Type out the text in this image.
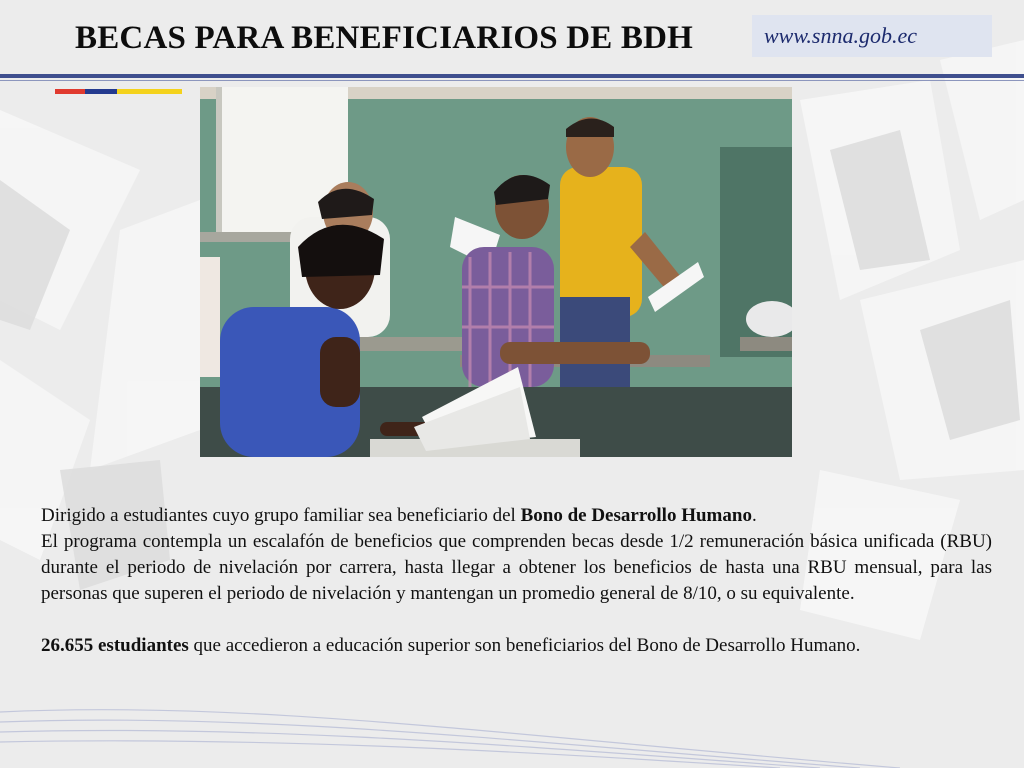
BECAS PARA BENEFICIARIOS DE BDH	www.snna.gob.ec

Dirigido a estudiantes cuyo grupo familiar sea beneficiario del Bono de Desarrollo Humano.

El programa contempla un escalafón de beneficios que comprenden becas desde 1/2 remuneración básica unificada (RBU) durante el periodo de nivelación por carrera, hasta llegar a obtener los beneficios de hasta una RBU mensual, para las personas que superen el periodo de nivelación y mantengan un promedio general de 8/10, o su equivalente.

26.655 estudiantes que accedieron a educación superior son beneficiarios del Bono de Desarrollo Humano.
